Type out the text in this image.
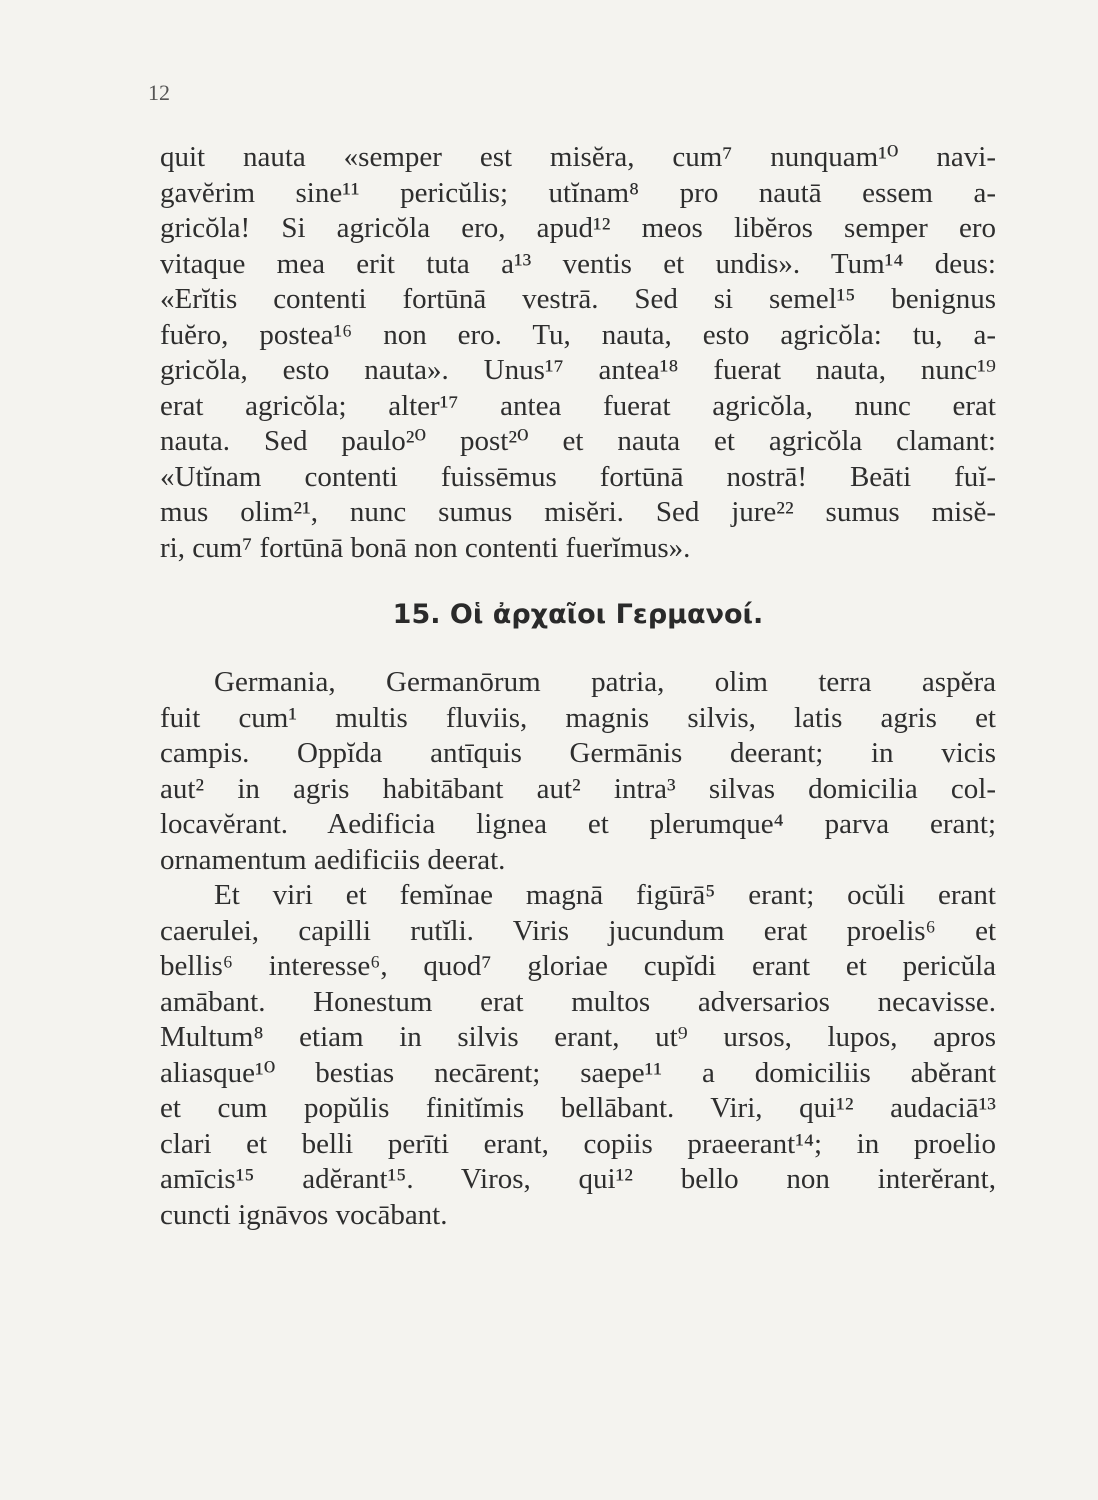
12
quit nauta «semper est misĕra, cum⁷ nunquam¹⁰ navi-
gavĕrim sine¹¹ pericŭlis; utĭnam⁸ pro nautā essem a-
gricŏla! Si agricŏla ero, apud¹² meos libĕros semper ero
vitaque mea erit tuta a¹³ ventis et undis». Tum¹⁴ deus:
«Erĭtis contenti fortūnā vestrā. Sed si semel¹⁵ benignus
fuĕro, postea¹⁶ non ero. Tu, nauta, esto agricŏla: tu, a-
gricŏla, esto nauta». Unus¹⁷ antea¹⁸ fuerat nauta, nunc¹⁹
erat agricŏla; alter¹⁷ antea fuerat agricŏla, nunc erat
nauta. Sed paulo²⁰ post²⁰ et nauta et agricŏla clamant:
«Utĭnam contenti fuissēmus fortūnā nostrā! Beāti fuĭ-
mus olim²¹, nunc sumus misĕri. Sed jure²² sumus misĕ-
ri, cum⁷ fortūnā bonā non contenti fuerĭmus».
15. Οἱ ἀρχαῖοι Γερμανοί.
Germania, Germanōrum patria, olim terra aspĕra
fuit cum¹ multis fluviis, magnis silvis, latis agris et
campis. Oppĭda antīquis Germānis deerant; in vicis
aut² in agris habitābant aut² intra³ silvas domicilia col-
locavĕrant. Aedificia lignea et plerumque⁴ parva erant;
ornamentum aedificiis deerat.
Et viri et femĭnae magnā figūrā⁵ erant; ocŭli erant
caerulei, capilli rutĭli. Viris jucundum erat proelis⁶ et
bellis⁶ interesse⁶, quod⁷ gloriae cupĭdi erant et pericŭla
amābant. Honestum erat multos adversarios necavisse.
Multum⁸ etiam in silvis erant, ut⁹ ursos, lupos, apros
aliasque¹⁰ bestias necārent; saepe¹¹ a domiciliis abĕrant
et cum popŭlis finitĭmis bellābant. Viri, qui¹² audaciā¹³
clari et belli perīti erant, copiis praeerant¹⁴; in proelio
amīcis¹⁵ adĕrant¹⁵. Viros, qui¹² bello non interĕrant,
cuncti ignāvos vocābant.
